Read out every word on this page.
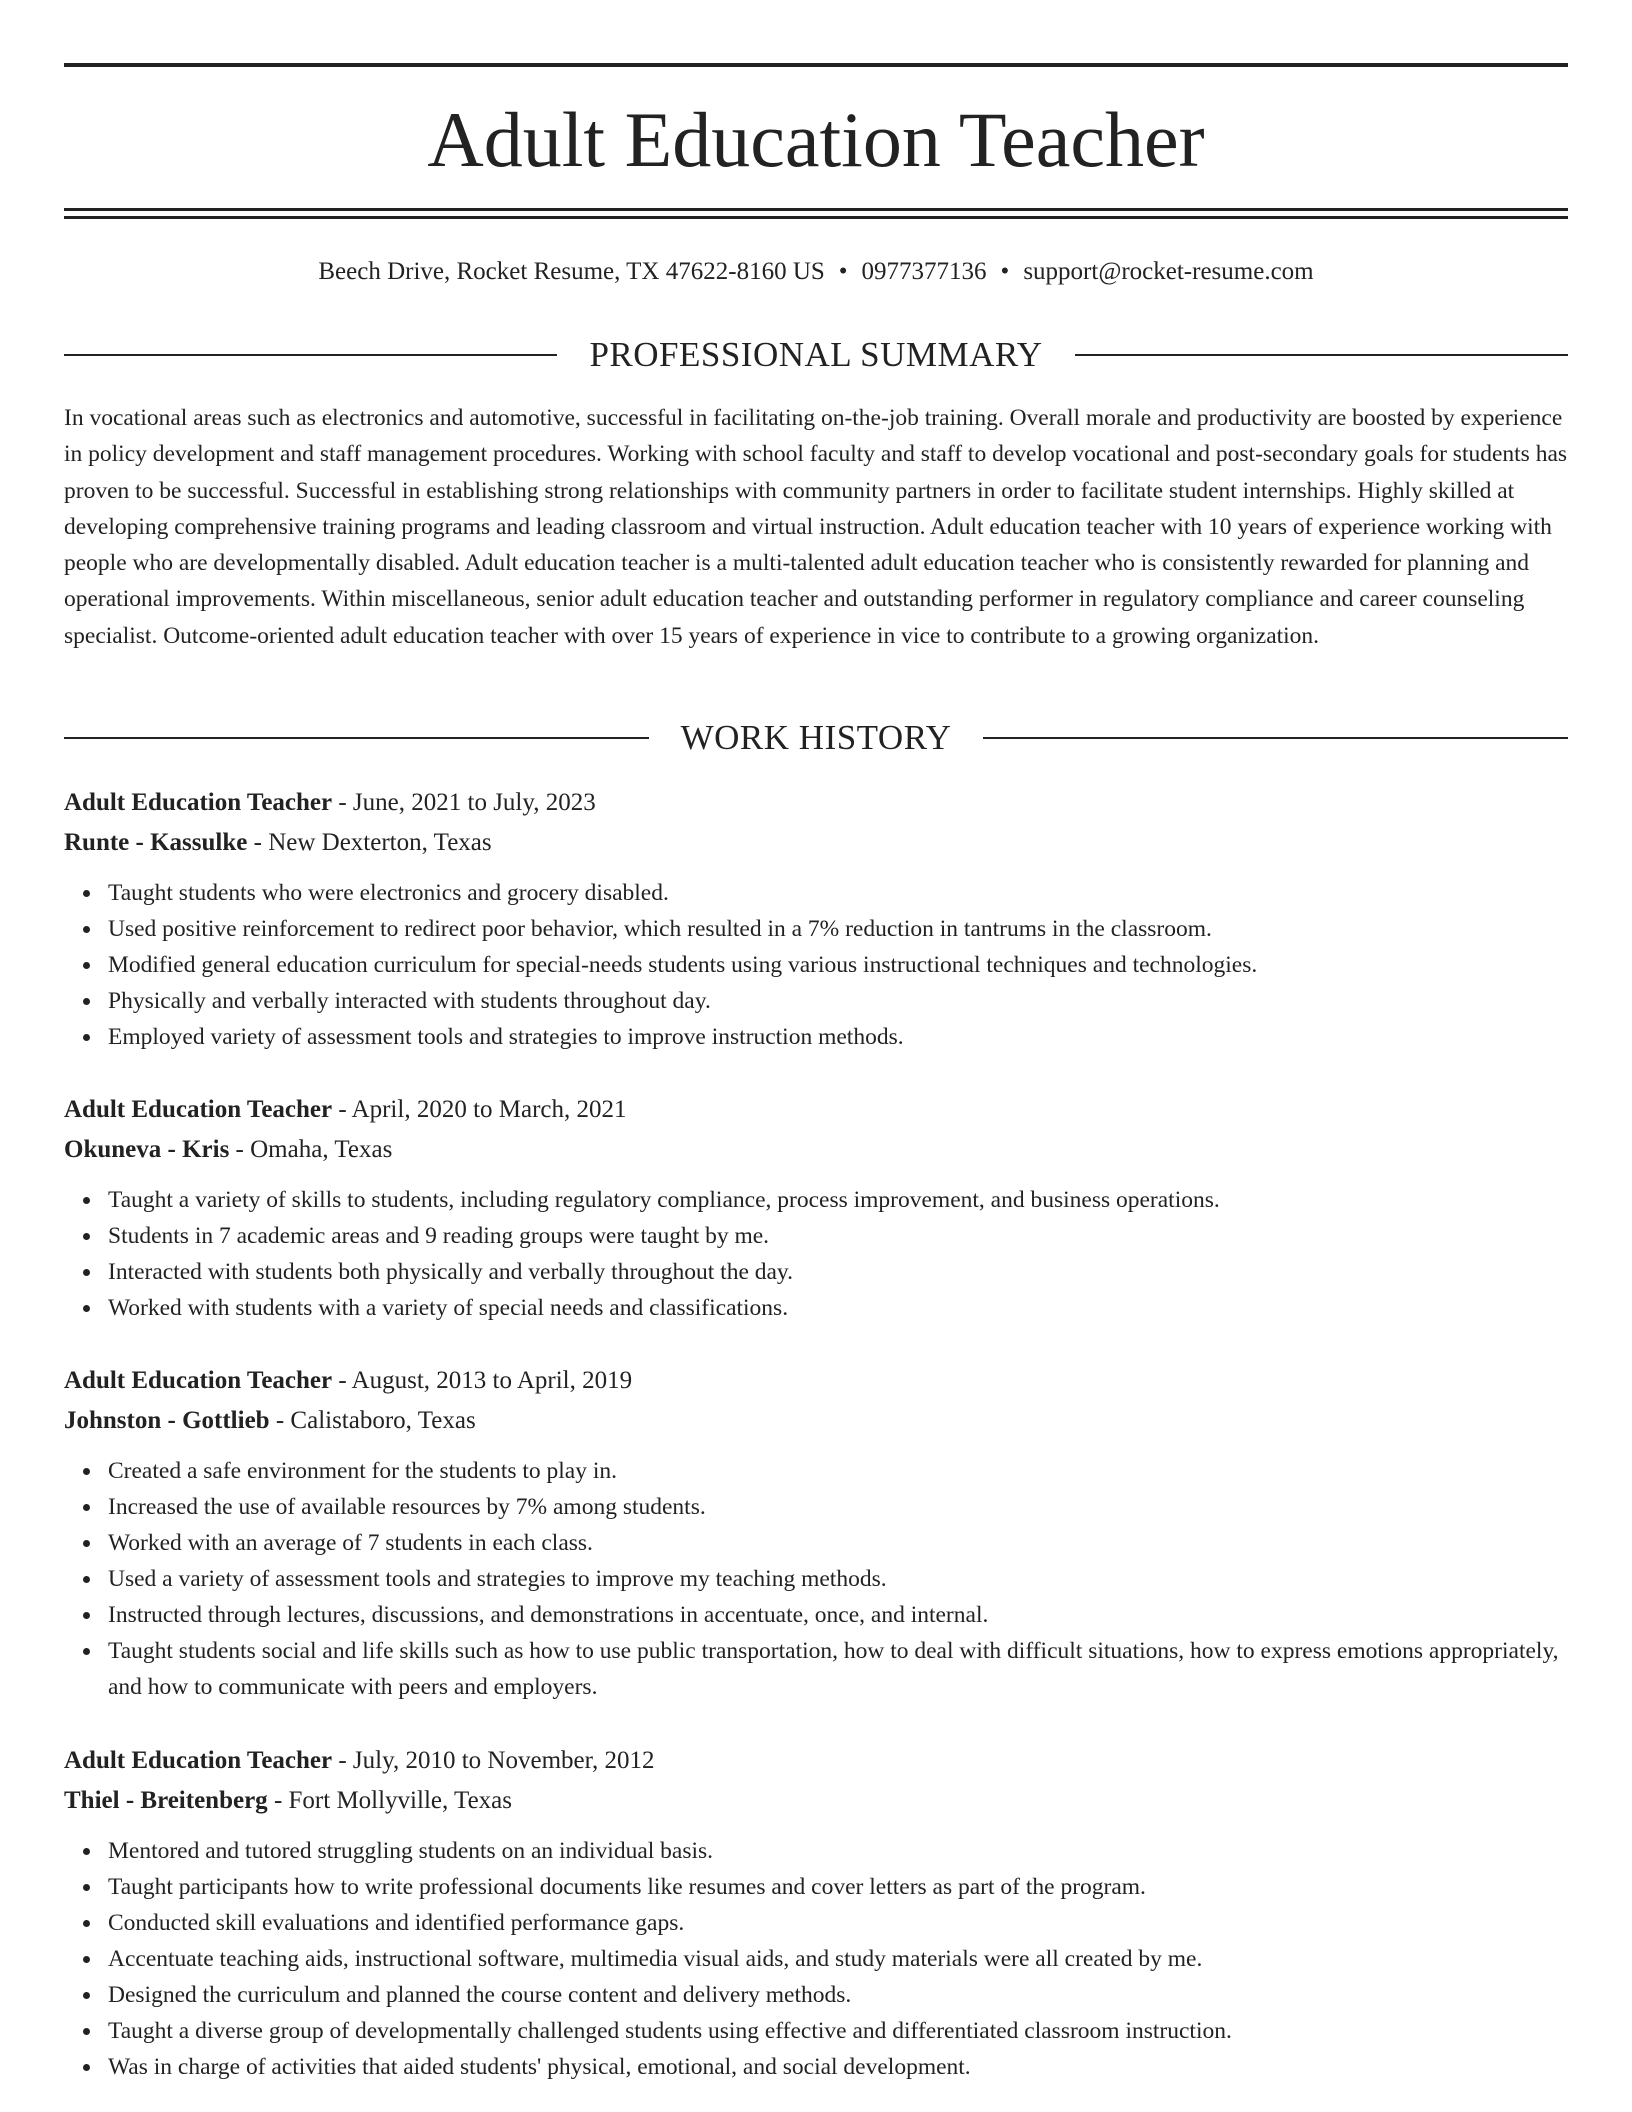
Adult Education Teacher
Beech Drive, Rocket Resume, TX 47622-8160 US • 0977377136 • support@rocket-resume.com
PROFESSIONAL SUMMARY

In vocational areas such as electronics and automotive, successful in facilitating on-the-job training. Overall morale and productivity are boosted by experience in policy development and staff management procedures. Working with school faculty and staff to develop vocational and post-secondary goals for students has proven to be successful. Successful in establishing strong relationships with community partners in order to facilitate student internships. Highly skilled at developing comprehensive training programs and leading classroom and virtual instruction. Adult education teacher with 10 years of experience working with people who are developmentally disabled. Adult education teacher is a multi-talented adult education teacher who is consistently rewarded for planning and operational improvements. Within miscellaneous, senior adult education teacher and outstanding performer in regulatory compliance and career counseling specialist. Outcome-oriented adult education teacher with over 15 years of experience in vice to contribute to a growing organization.

WORK HISTORY
Adult Education Teacher - June, 2021 to July, 2023
Runte - Kassulke - New Dexterton, Texas
Taught students who were electronics and grocery disabled.
Used positive reinforcement to redirect poor behavior, which resulted in a 7% reduction in tantrums in the classroom.
Modified general education curriculum for special-needs students using various instructional techniques and technologies.
Physically and verbally interacted with students throughout day.
Employed variety of assessment tools and strategies to improve instruction methods.
Adult Education Teacher - April, 2020 to March, 2021
Okuneva - Kris - Omaha, Texas
Taught a variety of skills to students, including regulatory compliance, process improvement, and business operations.
Students in 7 academic areas and 9 reading groups were taught by me.
Interacted with students both physically and verbally throughout the day.
Worked with students with a variety of special needs and classifications.
Adult Education Teacher - August, 2013 to April, 2019
Johnston - Gottlieb - Calistaboro, Texas
Created a safe environment for the students to play in.
Increased the use of available resources by 7% among students.
Worked with an average of 7 students in each class.
Used a variety of assessment tools and strategies to improve my teaching methods.
Instructed through lectures, discussions, and demonstrations in accentuate, once, and internal.
Taught students social and life skills such as how to use public transportation, how to deal with difficult situations, how to express emotions appropriately, and how to communicate with peers and employers.
Adult Education Teacher - July, 2010 to November, 2012
Thiel - Breitenberg - Fort Mollyville, Texas
Mentored and tutored struggling students on an individual basis.
Taught participants how to write professional documents like resumes and cover letters as part of the program.
Conducted skill evaluations and identified performance gaps.
Accentuate teaching aids, instructional software, multimedia visual aids, and study materials were all created by me.
Designed the curriculum and planned the course content and delivery methods.
Taught a diverse group of developmentally challenged students using effective and differentiated classroom instruction.
Was in charge of activities that aided students' physical, emotional, and social development.
